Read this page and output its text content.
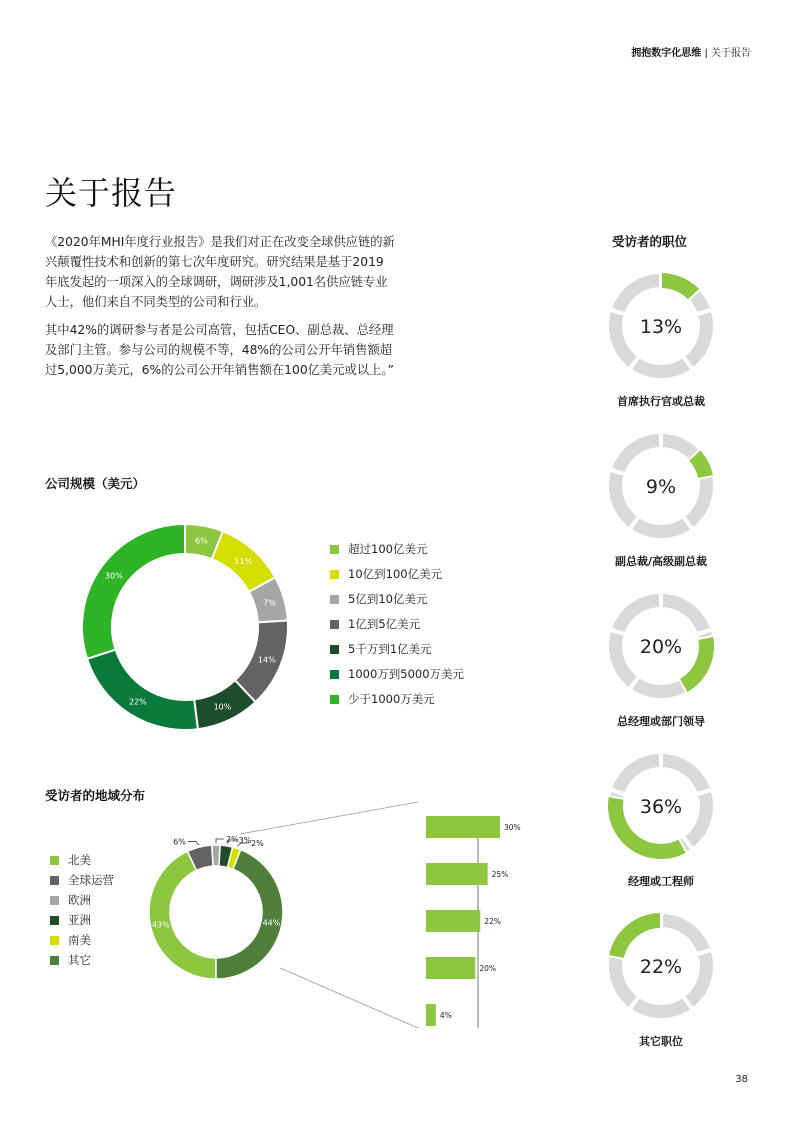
拥抱数字化思维 | 关于报告
关于报告
《2020年MHI年度行业报告》是我们对正在改变全球供应链的新兴颠覆性技术和创新的第七次年度研究。研究结果是基于2019年底发起的一项深入的全球调研，调研涉及1,001名供应链专业人士，他们来自不同类型的公司和行业。
其中42%的调研参与者是公司高管，包括CEO、副总裁、总经理及部门主管。参与公司的规模不等，48%的公司公开年销售额超过5,000万美元，6%的公司公开年销售额在100亿美元或以上。”
公司规模（美元）
6%
11%
7%
14%
10%
22%
30%
超过100亿美元
10亿到100亿美元
5亿到10亿美元
1亿到5亿美元
5千万到1亿美元
1000万到5000万美元
少于1000万美元
受访者的地域分布
北美
全球运营
欧洲
亚洲
南美
其它
43%
6%	2% 3% 2%
44%
30%
25%
22%
20%
4%
受访者的职位
13%
首席执行官或总裁
9%
副总裁/高级副总裁
20%
总经理或部门领导
36%
经理或工程师
22%
其它职位
38
